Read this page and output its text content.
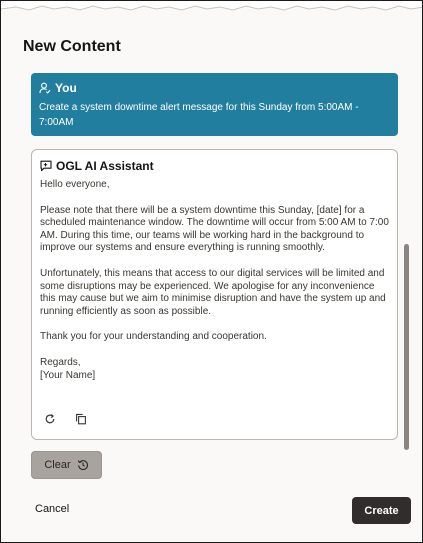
New Content
You
Create a system downtime alert message for this Sunday from 5:00AM - 7:00AM
OGL AI Assistant

Hello everyone,

Please note that there will be a system downtime this Sunday, [date] for a scheduled maintenance window. The downtime will occur from 5:00 AM to 7:00 AM. During this time, our teams will be working hard in the background to improve our systems and ensure everything is running smoothly.

Unfortunately, this means that access to our digital services will be limited and some disruptions may be experienced. We apologise for any inconvenience this may cause but we aim to minimise disruption and have the system up and running efficiently as soon as possible.

Thank you for your understanding and cooperation.

Regards,
[Your Name]

Clear
Cancel	Create
